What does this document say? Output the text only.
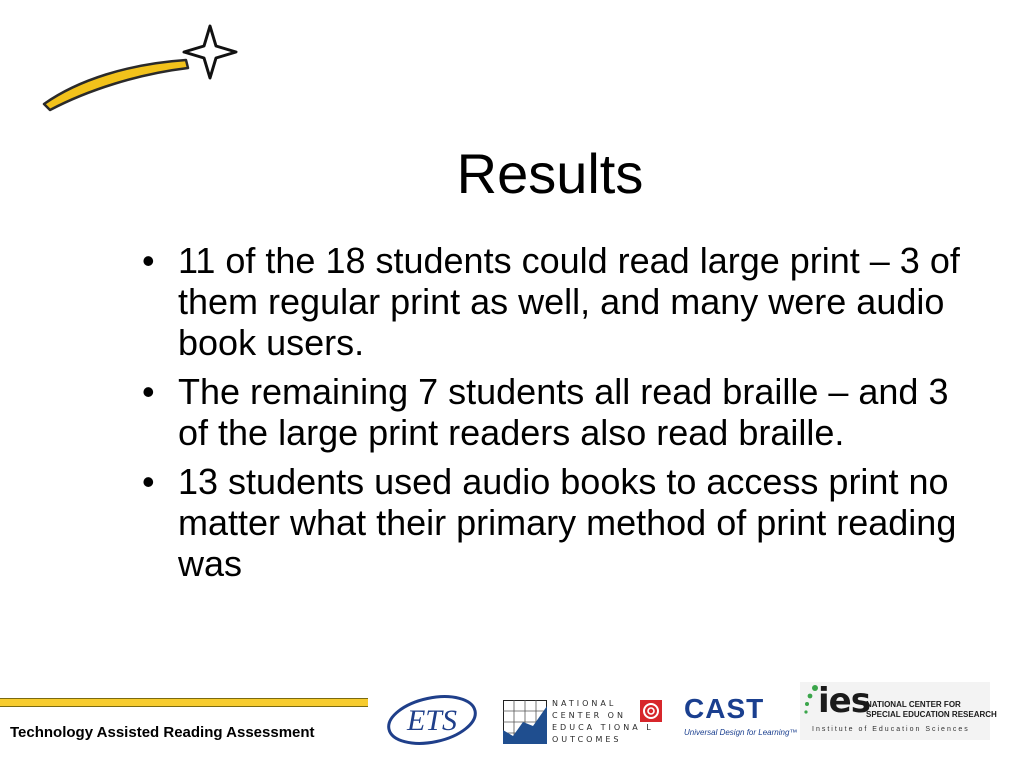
Results
• 11 of the 18 students could read large print – 3 of them regular print as well, and many were audio book users.
• The remaining 7 students all read braille – and 3 of the large print readers also read braille.
• 13 students used audio books to access print no matter what their primary method of print reading was
Technology Assisted Reading Assessment	ETS
NATIONAL
CENTER ON
EDUCA TIONA L
OUTCOMES
CAST
Universal Design for Learning™
ies
NATIONAL CENTER FOR
SPECIAL EDUCATION RESEARCH
Institute of Education Sciences
